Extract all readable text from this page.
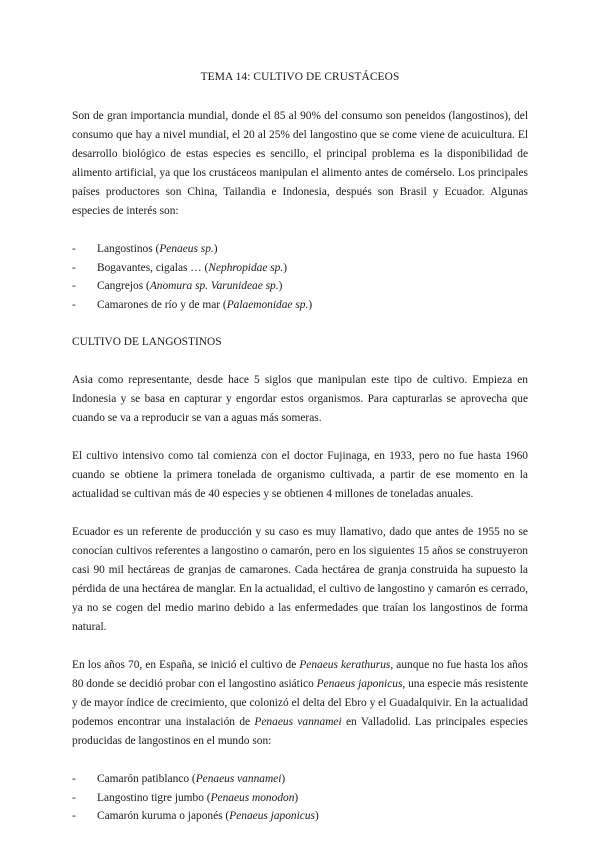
TEMA 14: CULTIVO DE CRUSTÁCEOS

Son de gran importancia mundial, donde el 85 al 90% del consumo son peneidos (langostinos), del consumo que hay a nivel mundial, el 20 al 25% del langostino que se come viene de acuicultura. El desarrollo biológico de estas especies es sencillo, el principal problema es la disponibilidad de alimento artificial, ya que los crustáceos manipulan el alimento antes de comérselo. Los principales países productores son China, Tailandia e Indonesia, después son Brasil y Ecuador. Algunas especies de interés son:

- Langostinos (Penaeus sp.)
- Bogavantes, cigalas … (Nephropidae sp.)
- Cangrejos (Anomura sp. Varunideae sp.)
- Camarones de río y de mar (Palaemonidae sp.)
CULTIVO DE LANGOSTINOS

Asia como representante, desde hace 5 siglos que manipulan este tipo de cultivo. Empieza en Indonesia y se basa en capturar y engordar estos organismos. Para capturarlas se aprovecha que cuando se va a reproducir se van a aguas más someras.

El cultivo intensivo como tal comienza con el doctor Fujinaga, en 1933, pero no fue hasta 1960 cuando se obtiene la primera tonelada de organismo cultivada, a partir de ese momento en la actualidad se cultivan más de 40 especies y se obtienen 4 millones de toneladas anuales.

Ecuador es un referente de producción y su caso es muy llamativo, dado que antes de 1955 no se conocían cultivos referentes a langostino o camarón, pero en los siguientes 15 años se construyeron casi 90 mil hectáreas de granjas de camarones. Cada hectárea de granja construida ha supuesto la pérdida de una hectárea de manglar. En la actualidad, el cultivo de langostino y camarón es cerrado, ya no se cogen del medio marino debido a las enfermedades que traían los langostinos de forma natural.

En los años 70, en España, se inició el cultivo de Penaeus kerathurus, aunque no fue hasta los años 80 donde se decidió probar con el langostino asiático Penaeus japonicus, una especie más resistente y de mayor índice de crecimiento, que colonizó el delta del Ebro y el Guadalquivir. En la actualidad podemos encontrar una instalación de Penaeus vannamei en Valladolid. Las principales especies producidas de langostinos en el mundo son:

- Camarón patiblanco (Penaeus vannamei)
- Langostino tigre jumbo (Penaeus monodon)
- Camarón kuruma o japonés (Penaeus japonicus)
